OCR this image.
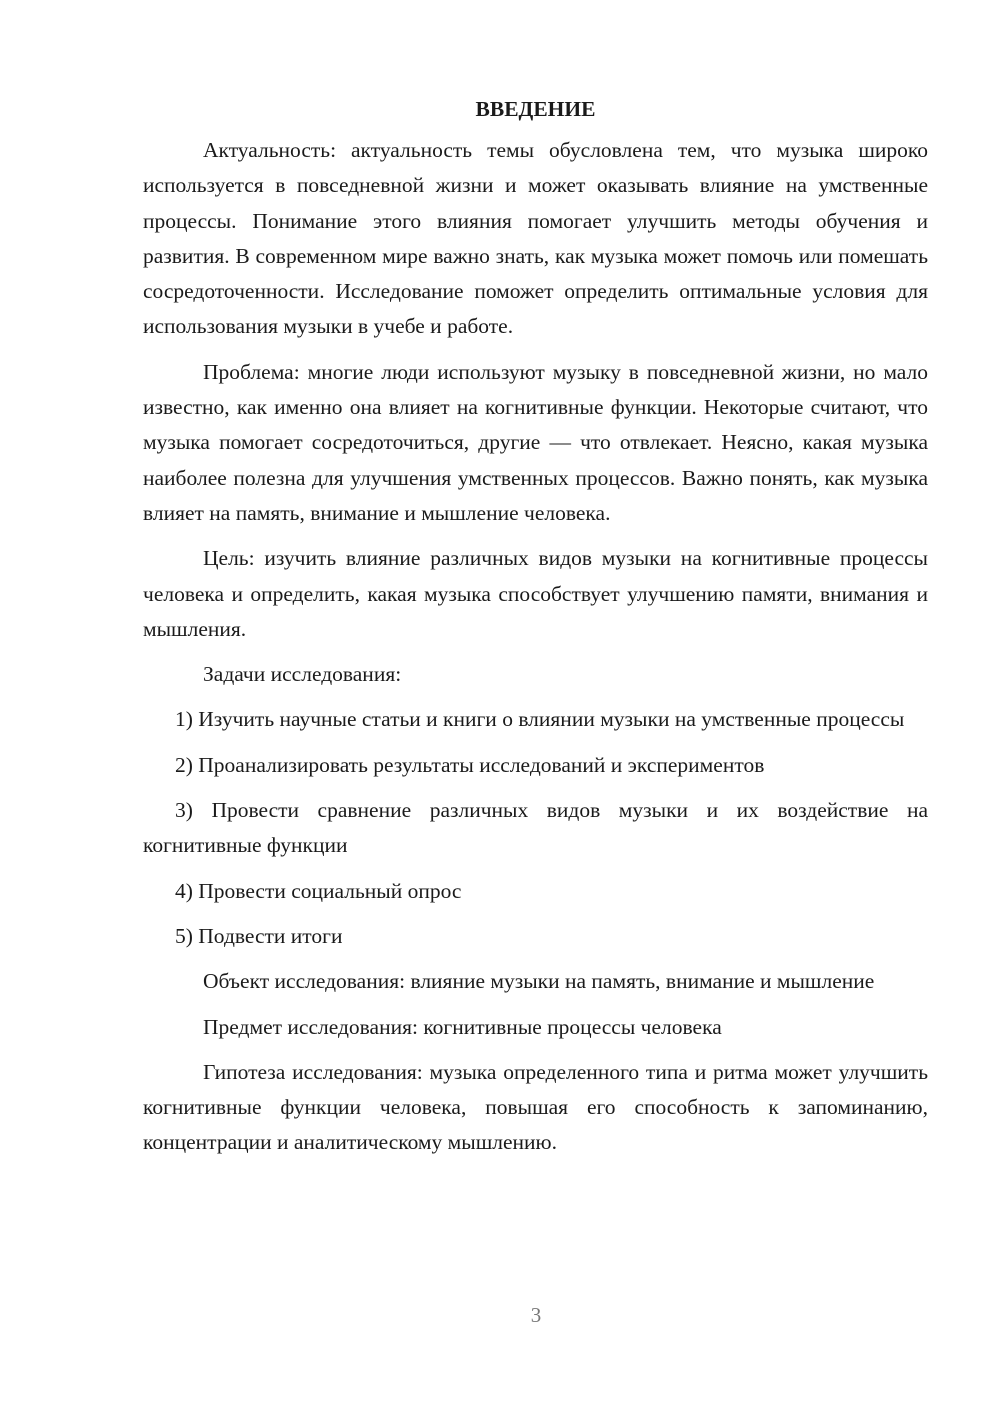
ВВЕДЕНИЕ

Актуальность: актуальность темы обусловлена тем, что музыка широко используется в повседневной жизни и может оказывать влияние на умственные процессы. Понимание этого влияния помогает улучшить методы обучения и развития. В современном мире важно знать, как музыка может помочь или помешать сосредоточенности. Исследование поможет определить оптимальные условия для использования музыки в учебе и работе.

Проблема: многие люди используют музыку в повседневной жизни, но мало известно, как именно она влияет на когнитивные функции. Некоторые считают, что музыка помогает сосредоточиться, другие — что отвлекает. Неясно, какая музыка наиболее полезна для улучшения умственных процессов. Важно понять, как музыка влияет на память, внимание и мышление человека.

Цель: изучить влияние различных видов музыки на когнитивные процессы человека и определить, какая музыка способствует улучшению памяти, внимания и мышления.

Задачи исследования:

1) Изучить научные статьи и книги о влиянии музыки на умственные процессы

2) Проанализировать результаты исследований и экспериментов

3) Провести сравнение различных видов музыки и их воздействие на когнитивные функции

4) Провести социальный опрос

5) Подвести итоги

Объект исследования: влияние музыки на память, внимание и мышление

Предмет исследования: когнитивные процессы человека

Гипотеза исследования: музыка определенного типа и ритма может улучшить когнитивные функции человека, повышая его способность к запоминанию, концентрации и аналитическому мышлению.

3
